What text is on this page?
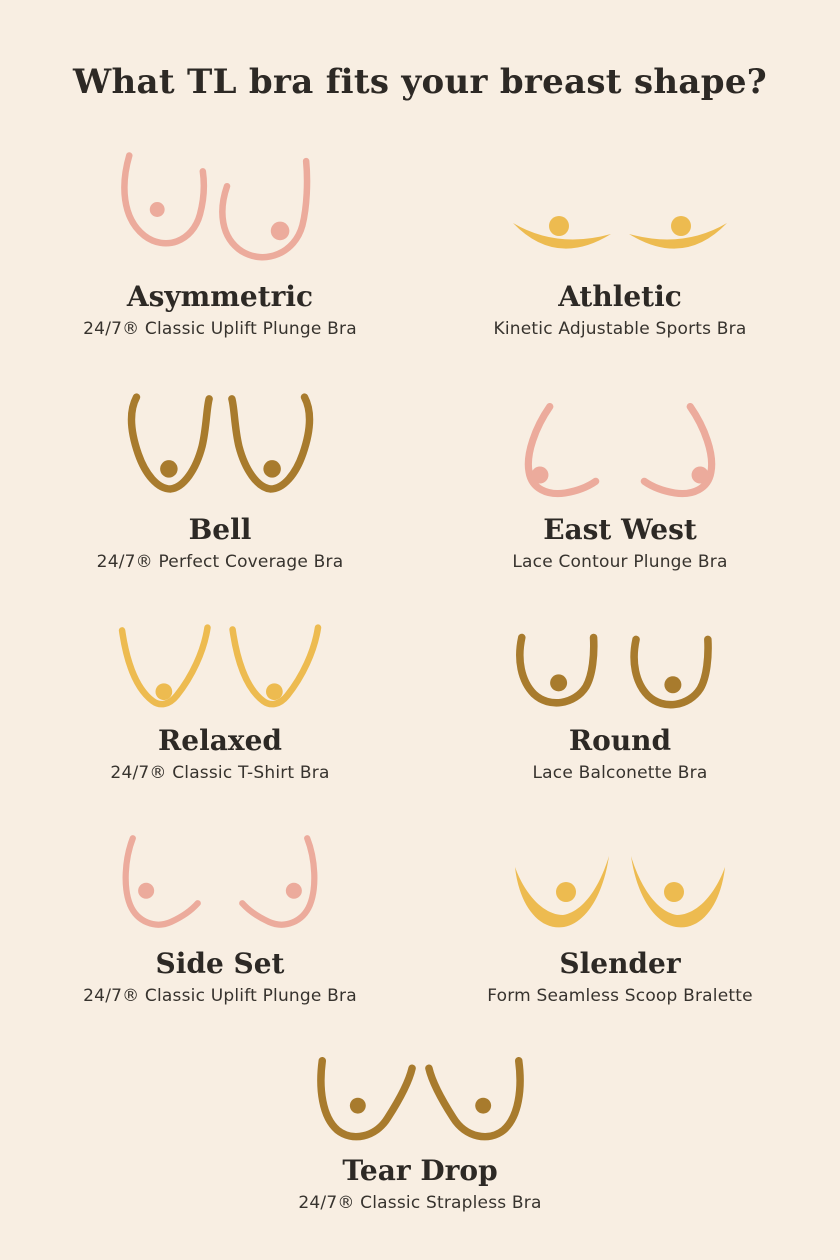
What TL bra fits your breast shape?
Asymmetric

24/7® Classic Uplift Plunge Bra

Athletic

Kinetic Adjustable Sports Bra

Bell

24/7® Perfect Coverage Bra

East West

Lace Contour Plunge Bra

Relaxed

24/7® Classic T-Shirt Bra

Round

Lace Balconette Bra

Side Set

24/7® Classic Uplift Plunge Bra

Slender

Form Seamless Scoop Bralette

Tear Drop

24/7® Classic Strapless Bra
